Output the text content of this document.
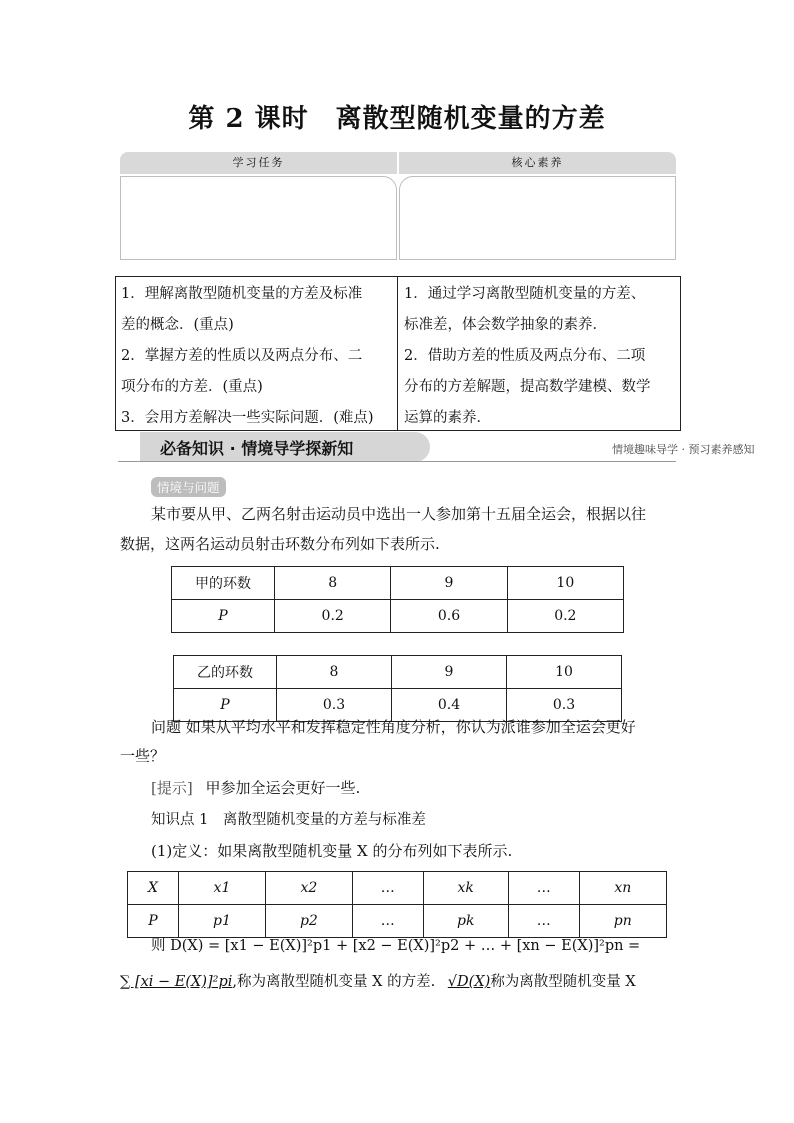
第 2 课时　离散型随机变量的方差
学习任务	核心素养
1．理解离散型随机变量的方差及标准
差的概念．(重点)
2．掌握方差的性质以及两点分布、二
项分布的方差．(重点)
3．会用方差解决一些实际问题．(难点)
1．通过学习离散型随机变量的方差、
标准差，体会数学抽象的素养．
2．借助方差的性质及两点分布、二项
分布的方差解题，提高数学建模、数学
运算的素养．
必备知识 · 情境导学探新知	情境趣味导学 · 预习素养感知
情境与问题
某市要从甲、乙两名射击运动员中选出一人参加第十五届全运会，根据以往
数据，这两名运动员射击环数分布列如下表所示.
甲的环数	8	9	10
P	0.2	0.6	0.2
乙的环数	8	9	10
P	0.3	0.4	0.3
问题 如果从平均水平和发挥稳定性角度分析，你认为派谁参加全运会更好
一些？
[提示] 甲参加全运会更好一些.
知识点 1　离散型随机变量的方差与标准差
(1)定义：如果离散型随机变量 X 的分布列如下表所示.
X	x1	x2	…	xk	…	xn
P	p1	p2	…	pk	…	pn
则 D(X) = [x1 − E(X)]²p1 + [x2 − E(X)]²p2 + … + [xn − E(X)]²pn =
∑ [xi − E(X)]²pi,称为离散型随机变量 X 的方差. √D(X)称为离散型随机变量 X
